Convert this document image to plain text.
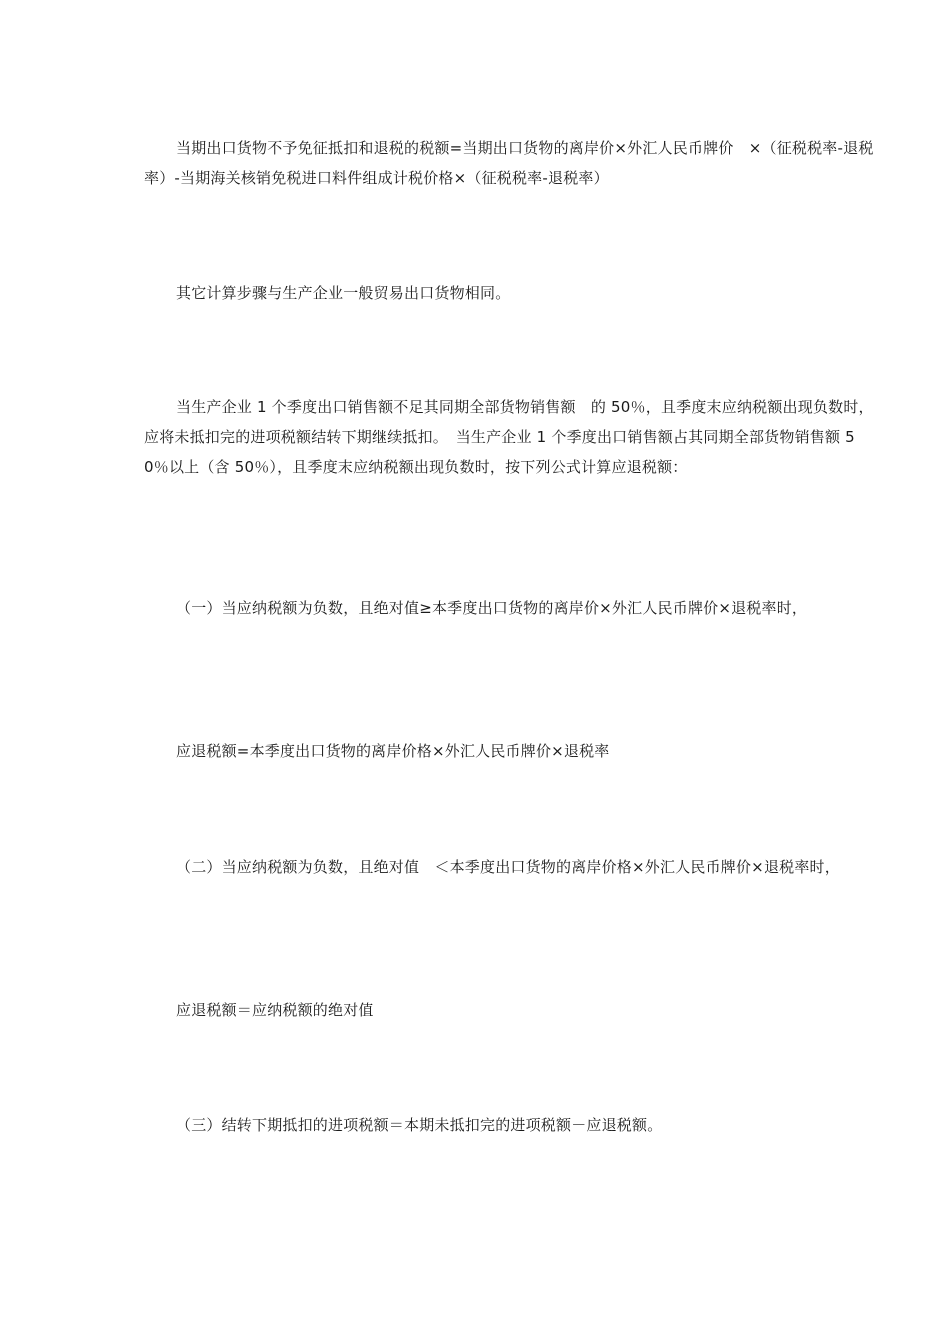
当期出口货物不予免征抵扣和退税的税额=当期出口货物的离岸价×外汇人民币牌价　×（征税税率-退税率）-当期海关核销免税进口料件组成计税价格×（征税税率-退税率）

其它计算步骤与生产企业一般贸易出口货物相同。

当生产企业 1 个季度出口销售额不足其同期全部货物销售额　的 50％，且季度末应纳税额出现负数时，应将未抵扣完的进项税额结转下期继续抵扣。　当生产企业 1 个季度出口销售额占其同期全部货物销售额 50％以上（含 50％），且季度末应纳税额出现负数时，按下列公式计算应退税额：

（一）当应纳税额为负数，且绝对值≥本季度出口货物的离岸价×外汇人民币牌价×退税率时，

应退税额=本季度出口货物的离岸价格×外汇人民币牌价×退税率

（二）当应纳税额为负数，且绝对值　＜本季度出口货物的离岸价格×外汇人民币牌价×退税率时，

应退税额＝应纳税额的绝对值

（三）结转下期抵扣的进项税额＝本期未抵扣完的进项税额－应退税额。
